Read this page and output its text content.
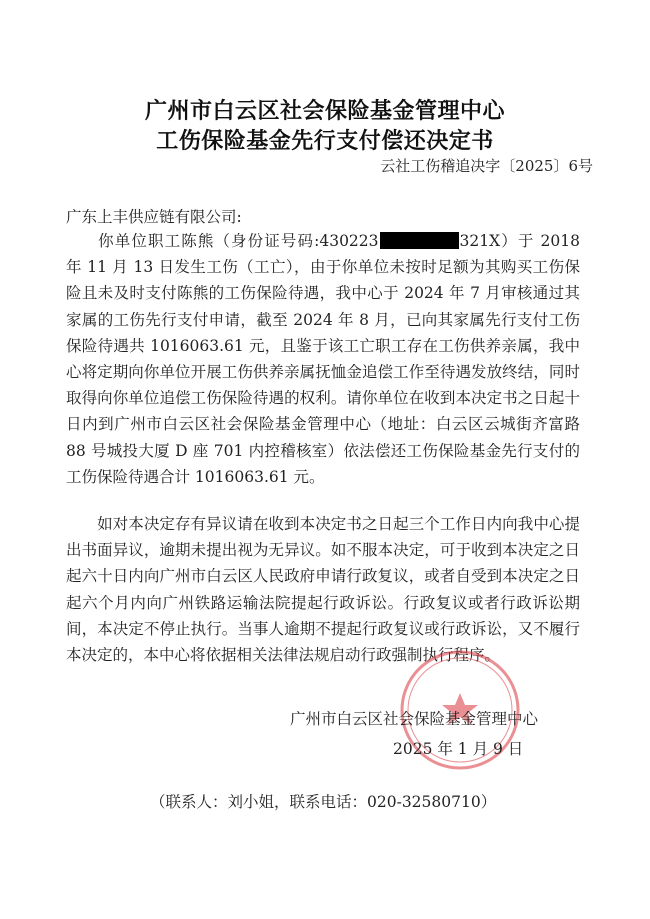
广州市白云区社会保险基金管理中心
工伤保险基金先行支付偿还决定书
云社工伤稽追决字〔2025〕6号
广东上丰供应链有限公司:

你单位职工陈熊（身份证号码:430223	321X）于 2018 年 11 月 13 日发生工伤（工亡），由于你单位未按时足额为其购买工伤保险且未及时支付陈熊的工伤保险待遇，我中心于 2024 年 7 月审核通过其家属的工伤先行支付申请，截至 2024 年 8 月，已向其家属先行支付工伤保险待遇共 1016063.61 元，且鉴于该工亡职工存在工伤供养亲属，我中心将定期向你单位开展工伤供养亲属抚恤金追偿工作至待遇发放终结，同时取得向你单位追偿工伤保险待遇的权利。请你单位在收到本决定书之日起十日内到广州市白云区社会保险基金管理中心（地址：白云区云城街齐富路 88 号城投大厦 D 座 701 内控稽核室）依法偿还工伤保险基金先行支付的工伤保险待遇合计 1016063.61 元。

如对本决定存有异议请在收到本决定书之日起三个工作日内向我中心提出书面异议，逾期未提出视为无异议。如不服本决定，可于收到本决定之日起六十日内向广州市白云区人民政府申请行政复议，或者自受到本决定之日起六个月内向广州铁路运输法院提起行政诉讼。行政复议或者行政诉讼期间，本决定不停止执行。当事人逾期不提起行政复议或行政诉讼，又不履行本决定的，本中心将依据相关法律法规启动行政强制执行程序。

广州市白云区社会保险基金管理中心
2025 年 1 月 9 日
（联系人：刘小姐，联系电话：020-32580710）
